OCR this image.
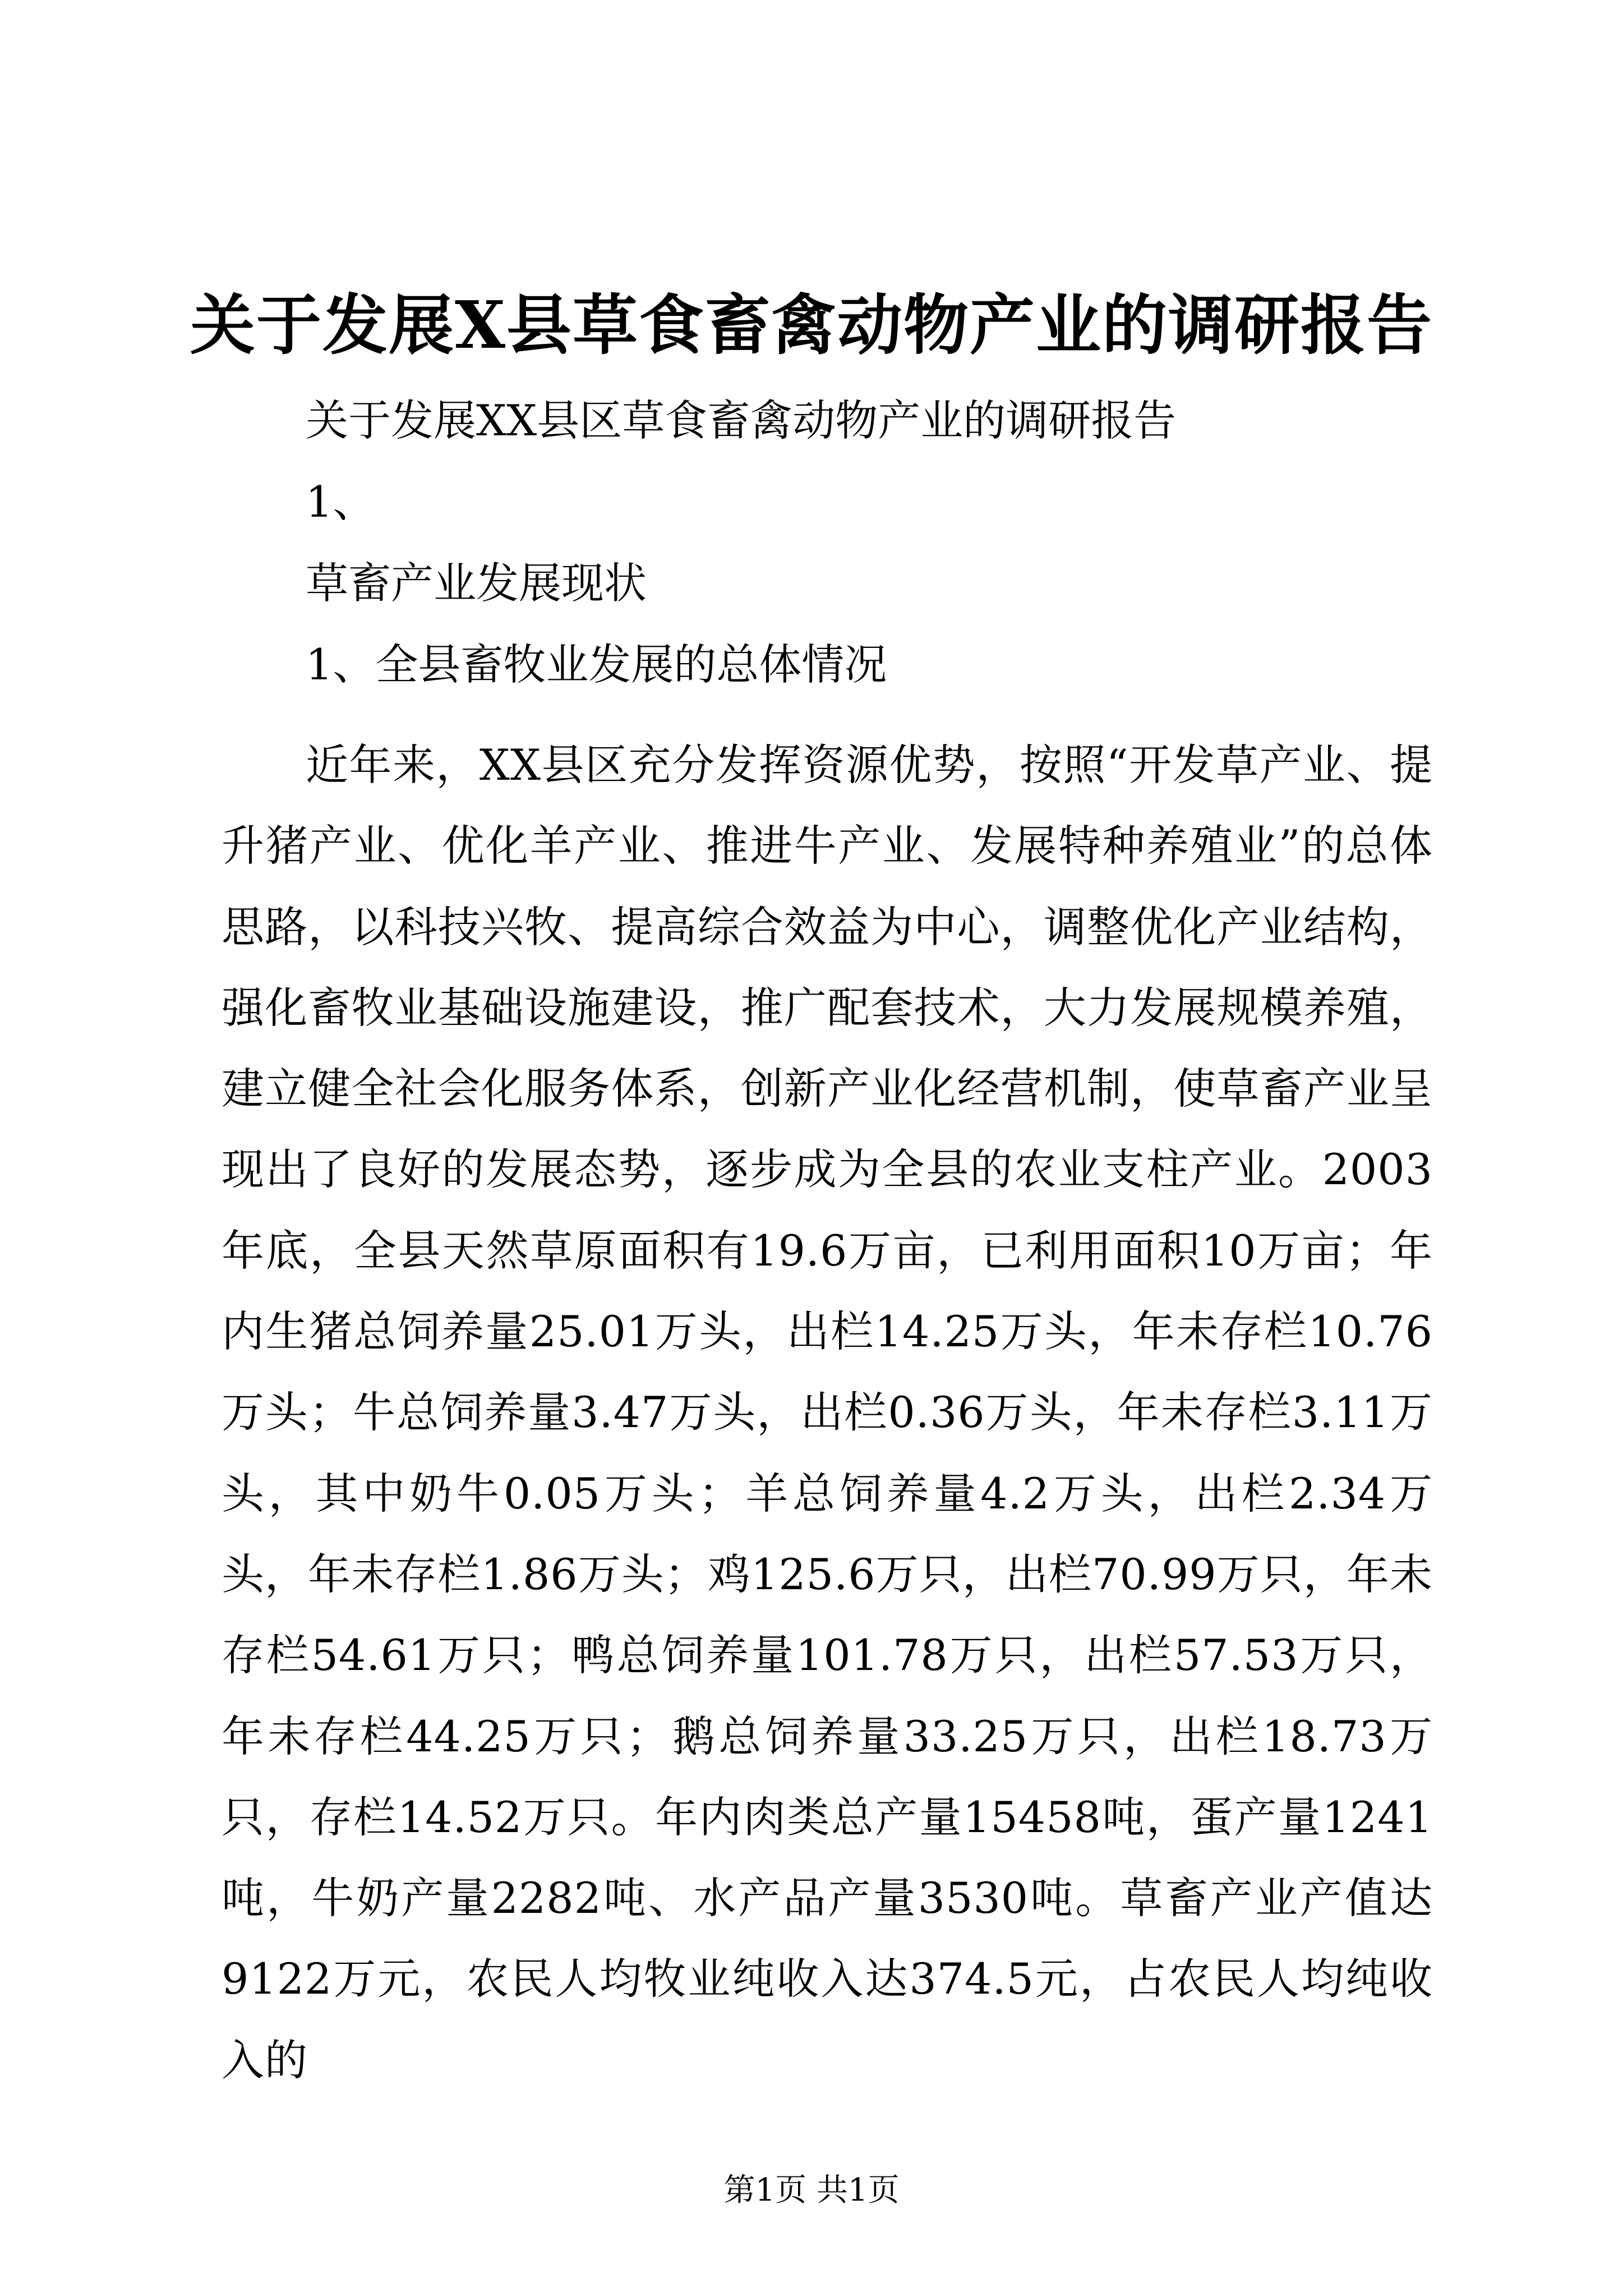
关于发展X县草食畜禽动物产业的调研报告
关于发展XX县区草食畜禽动物产业的调研报告
1、
草畜产业发展现状
1、全县畜牧业发展的总体情况
近年来，XX县区充分发挥资源优势，按照“开发草产业、提升猪产业、优化羊产业、推进牛产业、发展特种养殖业”的总体思路，以科技兴牧、提高综合效益为中心，调整优化产业结构，强化畜牧业基础设施建设，推广配套技术，大力发展规模养殖，建立健全社会化服务体系，创新产业化经营机制，使草畜产业呈现出了良好的发展态势，逐步成为全县的农业支柱产业。2003年底，全县天然草原面积有19.6万亩，已利用面积10万亩；年内生猪总饲养量25.01万头，出栏14.25万头，年未存栏10.76万头；牛总饲养量3.47万头，出栏0.36万头，年未存栏3.11万头，其中奶牛0.05万头；羊总饲养量4.2万头，出栏2.34万头，年未存栏1.86万头；鸡125.6万只，出栏70.99万只，年未存栏54.61万只；鸭总饲养量101.78万只，出栏57.53万只，年未存栏44.25万只；鹅总饲养量33.25万只，出栏18.73万只，存栏14.52万只。年内肉类总产量15458吨，蛋产量1241吨，牛奶产量2282吨、水产品产量3530吨。草畜产业产值达9122万元，农民人均牧业纯收入达374.5元，占农民人均纯收入的
第1页 共1页
